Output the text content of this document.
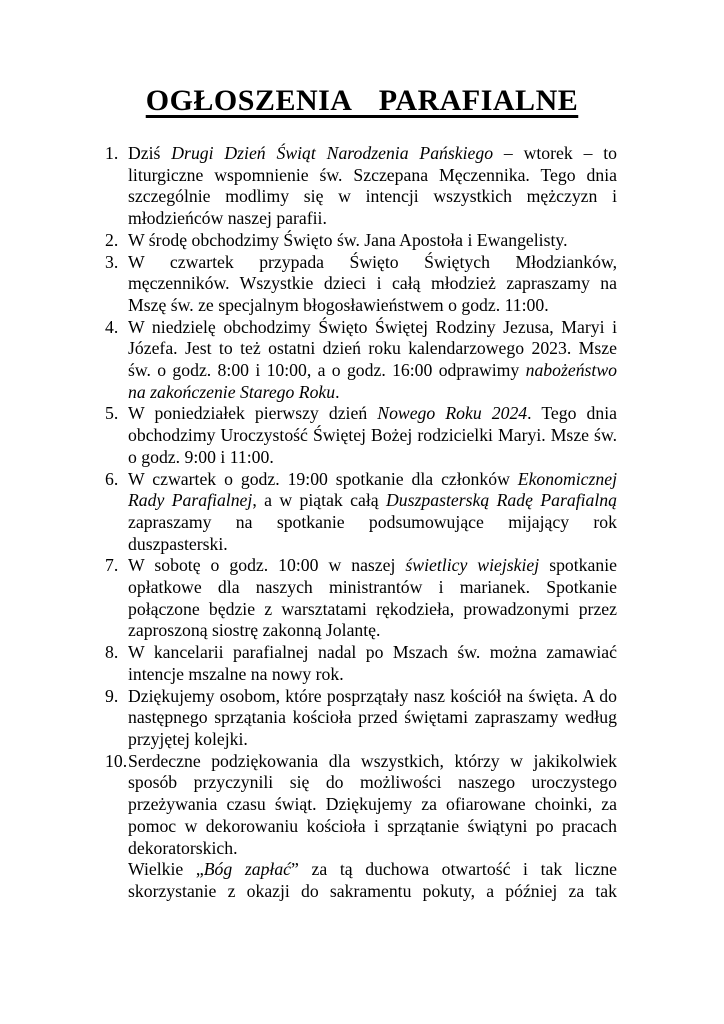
OGŁOSZENIA PARAFIALNE
1. Dziś Drugi Dzień Świąt Narodzenia Pańskiego – wtorek – to liturgiczne wspomnienie św. Szczepana Męczennika. Tego dnia szczególnie modlimy się w intencji wszystkich mężczyzn i młodzieńców naszej parafii.
2. W środę obchodzimy Święto św. Jana Apostoła i Ewangelisty.
3. W czwartek przypada Święto Świętych Młodzianków, męczenników. Wszystkie dzieci i całą młodzież zapraszamy na Mszę św. ze specjalnym błogosławieństwem o godz. 11:00.
4. W niedzielę obchodzimy Święto Świętej Rodziny Jezusa, Maryi i Józefa. Jest to też ostatni dzień roku kalendarzowego 2023. Msze św. o godz. 8:00 i 10:00, a o godz. 16:00 odprawimy nabożeństwo na zakończenie Starego Roku.
5. W poniedziałek pierwszy dzień Nowego Roku 2024. Tego dnia obchodzimy Uroczystość Świętej Bożej rodzicielki Maryi. Msze św. o godz. 9:00 i 11:00.
6. W czwartek o godz. 19:00 spotkanie dla członków Ekonomicznej Rady Parafialnej, a w piątak całą Duszpasterską Radę Parafialną zapraszamy na spotkanie podsumowujące mijający rok duszpasterski.
7. W sobotę o godz. 10:00 w naszej świetlicy wiejskiej spotkanie opłatkowe dla naszych ministrantów i marianek. Spotkanie połączone będzie z warsztatami rękodzieła, prowadzonymi przez zaproszoną siostrę zakonną Jolantę.
8. W kancelarii parafialnej nadal po Mszach św. można zamawiać intencje mszalne na nowy rok.
9. Dziękujemy osobom, które posprzątały nasz kościół na święta. A do następnego sprzątania kościoła przed świętami zapraszamy według przyjętej kolejki.
10. Serdeczne podziękowania dla wszystkich, którzy w jakikolwiek sposób przyczynili się do możliwości naszego uroczystego przeżywania czasu świąt. Dziękujemy za ofiarowane choinki, za pomoc w dekorowaniu kościoła i sprzątanie świątyni po pracach dekoratorskich.
Wielkie „Bóg zapłać” za tą duchowa otwartość i tak liczne skorzystanie z okazji do sakramentu pokuty, a później za tak
